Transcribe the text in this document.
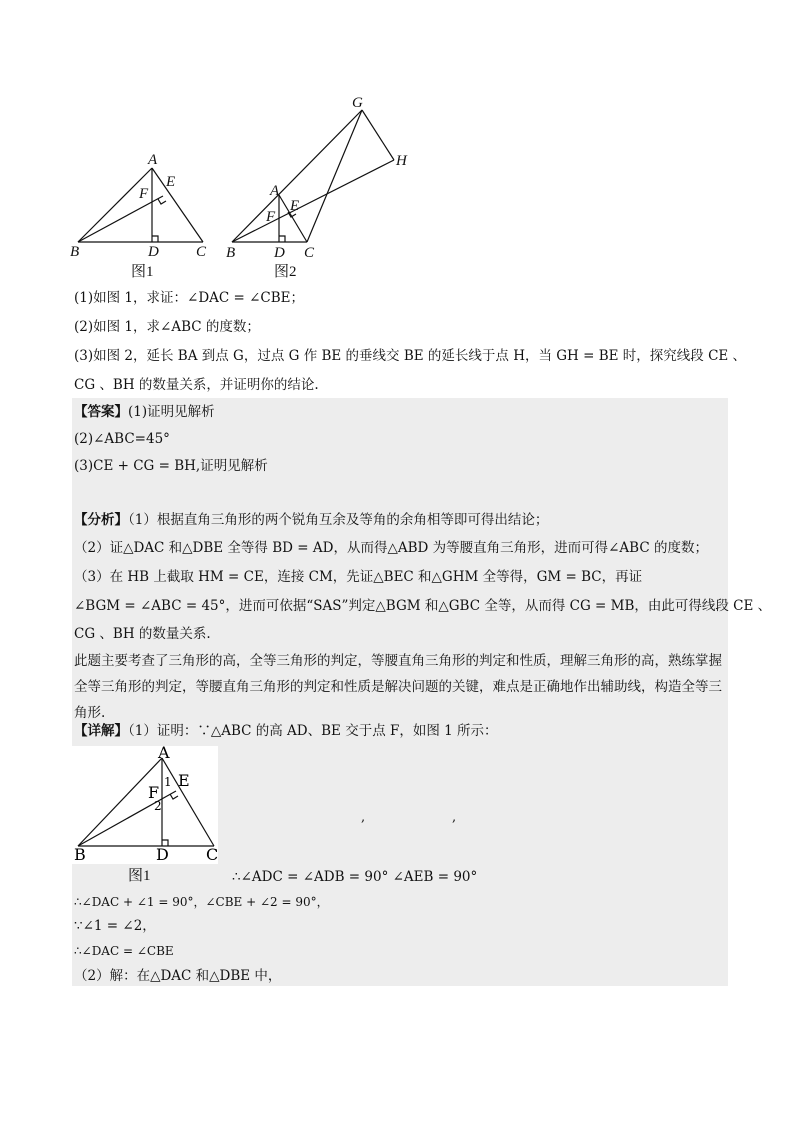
A
B	C
D
E
F
图1
G
H
A
B	C
D
E
F
图2
(1)如图 1，求证：∠DAC = ∠CBE；
(2)如图 1，求∠ABC 的度数；
(3)如图 2，延长 BA 到点 G，过点 G 作 BE 的垂线交 BE 的延长线于点 H，当 GH = BE 时，探究线段 CE 、
CG 、BH 的数量关系，并证明你的结论.
【答案】(1)证明见解析
(2)∠ABC=45°
(3)CE + CG = BH,证明见解析
【分析】（1）根据直角三角形的两个锐角互余及等角的余角相等即可得出结论；
（2）证△DAC 和△DBE 全等得 BD = AD，从而得△ABD 为等腰直角三角形，进而可得∠ABC 的度数；
（3）在 HB 上截取 HM = CE，连接 CM，先证△BEC 和△GHM 全等得，GM = BC，再证
∠BGM = ∠ABC = 45°，进而可依据“SAS”判定△BGM 和△GBC 全等，从而得 CG = MB，由此可得线段 CE 、
CG 、BH 的数量关系.
此题主要考查了三角形的高，全等三角形的判定，等腰直角三角形的判定和性质，理解三角形的高，熟练掌握全等三角形的判定，等腰直角三角形的判定和性质是解决问题的关键，难点是正确地作出辅助线，构造全等三角形.
【详解】（1）证明：∵△ABC 的高 AD、BE 交于点 F，如图 1 所示：
A
B	C
D
E
F
1
2
图1
,	,
∴∠ADC = ∠ADB = 90° ∠AEB = 90°
∴∠DAC + ∠1 = 90°，∠CBE + ∠2 = 90°，
∵∠1 = ∠2，
∴∠DAC = ∠CBE
（2）解：在△DAC 和△DBE 中，
